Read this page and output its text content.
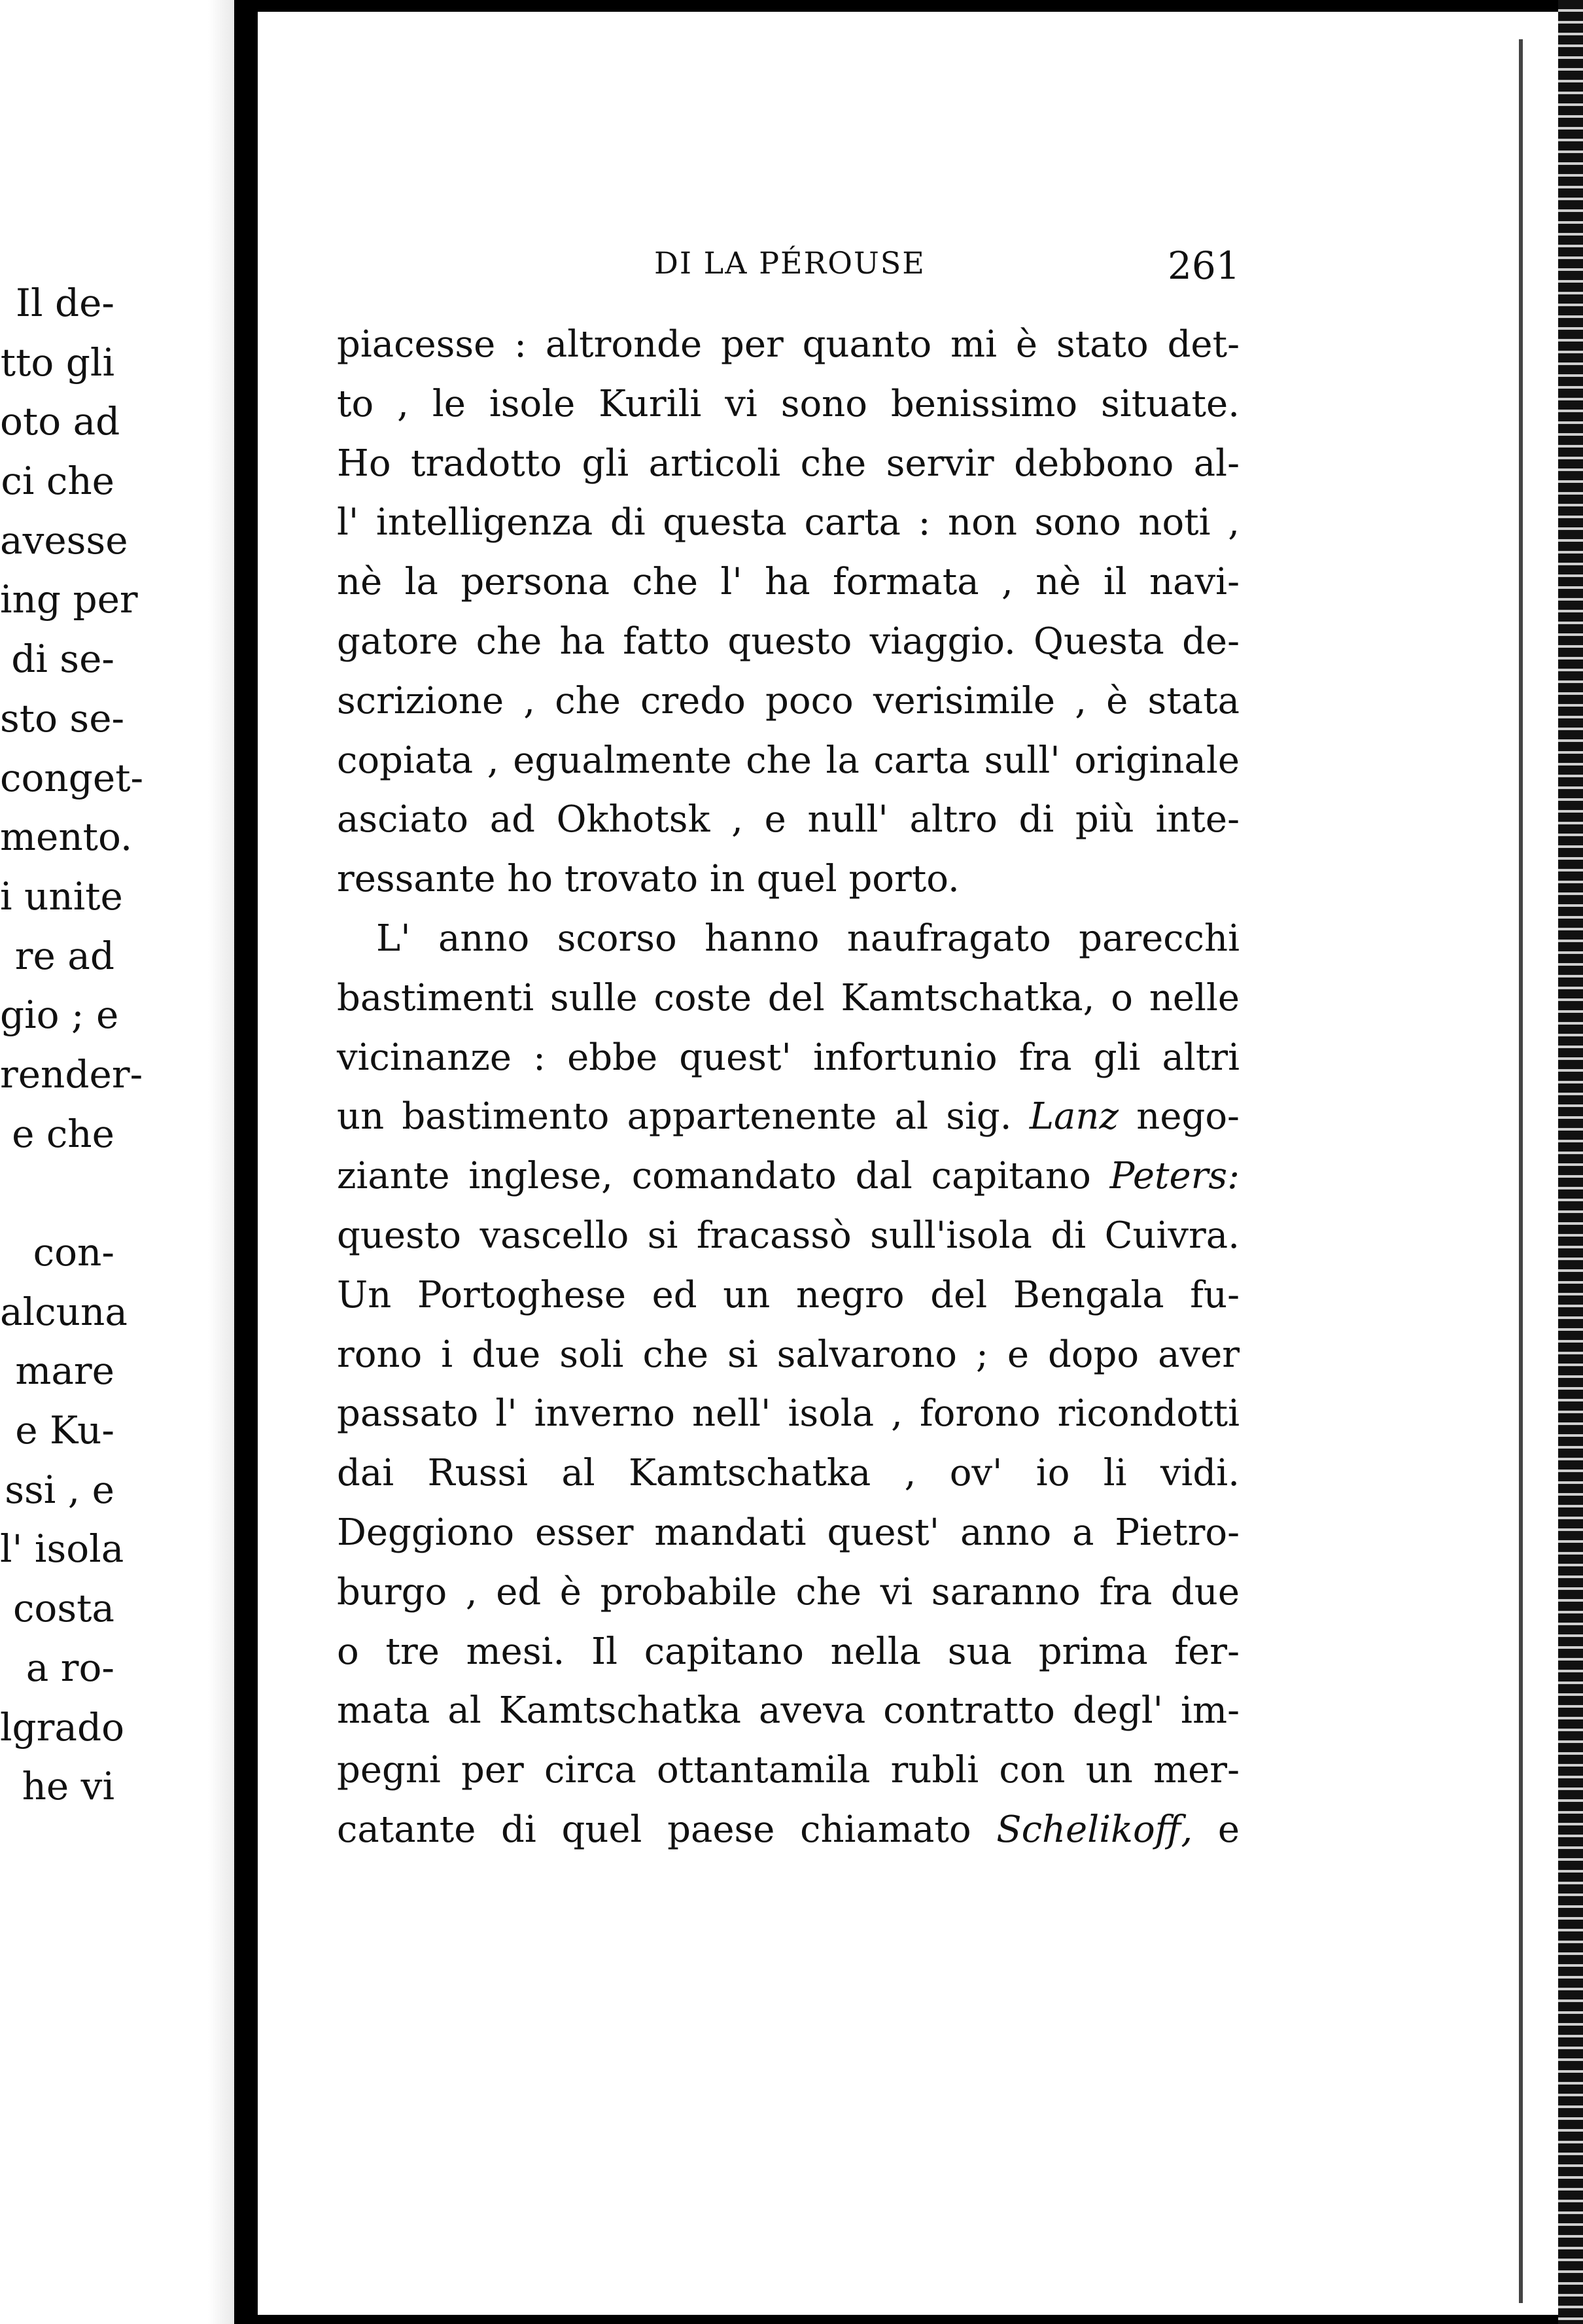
Il de-
tto gli
oto ad
ci che
avesse
ing per
di se-
sto se-
conget-
mento.
i unite
re ad
gio ; e
render-
e che
con-
alcuna
mare
e Ku-
ssi , e
l' isola
costa
a ro-
lgrado
he vi
DI LA PÉROUSE	261
piacesse : altronde per quanto mi è stato det-
to , le isole Kurili vi sono benissimo situate.
Ho tradotto gli articoli che servir debbono al-
l' intelligenza di questa carta : non sono noti ,
nè la persona che l' ha formata , nè il navi-
gatore che ha fatto questo viaggio. Questa de-
scrizione , che credo poco verisimile , è stata
copiata , egualmente che la carta sull' originale
asciato ad Okhotsk , e null' altro di più inte-
ressante ho trovato in quel porto.
L' anno scorso hanno naufragato parecchi
bastimenti sulle coste del Kamtschatka, o nelle
vicinanze : ebbe quest' infortunio fra gli altri
un bastimento appartenente al sig. Lanz nego-
ziante inglese, comandato dal capitano Peters:
questo vascello si fracassò sull'isola di Cuivra.
Un Portoghese ed un negro del Bengala fu-
rono i due soli che si salvarono ; e dopo aver
passato l' inverno nell' isola , forono ricondotti
dai Russi al Kamtschatka , ov' io li vidi.
Deggiono esser mandati quest' anno a Pietro-
burgo , ed è probabile che vi saranno fra due
o tre mesi. Il capitano nella sua prima fer-
mata al Kamtschatka aveva contratto degl' im-
pegni per circa ottantamila rubli con un mer-
catante di quel paese chiamato Schelikoff, e
